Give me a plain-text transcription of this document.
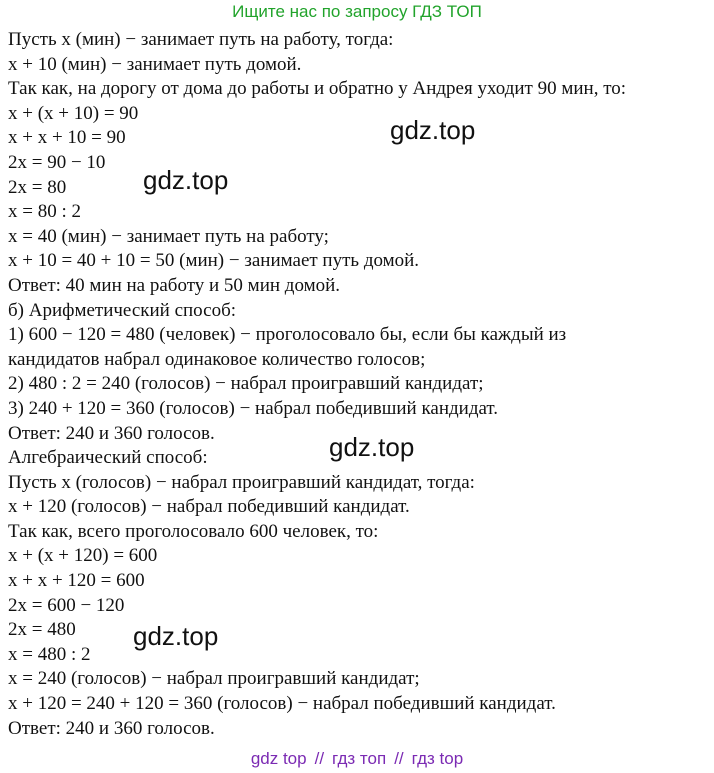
Ищите нас по запросу ГДЗ ТОП
Пусть x (мин) − занимает путь на работу, тогда:
x + 10 (мин) − занимает путь домой.
Так как, на дорогу от дома до работы и обратно у Андрея уходит 90 мин, то:
x + (x + 10) = 90
x + x + 10 = 90
2x = 90 − 10
2x = 80
x = 80 : 2
x = 40 (мин) − занимает путь на работу;
x + 10 = 40 + 10 = 50 (мин) − занимает путь домой.
Ответ: 40 мин на работу и 50 мин домой.
б) Арифметический способ:
1) 600 − 120 = 480 (человек) − проголосовало бы, если бы каждый из
кандидатов набрал одинаковое количество голосов;
2) 480 : 2 = 240 (голосов) − набрал проигравший кандидат;
3) 240 + 120 = 360 (голосов) − набрал победивший кандидат.
Ответ: 240 и 360 голосов.
Алгебраический способ:
Пусть x (голосов) − набрал проигравший кандидат, тогда:
x + 120 (голосов) − набрал победивший кандидат.
Так как, всего проголосовало 600 человек, то:
x + (x + 120) = 600
x + x + 120 = 600
2x = 600 − 120
2x = 480
x = 480 : 2
x = 240 (голосов) − набрал проигравший кандидат;
x + 120 = 240 + 120 = 360 (голосов) − набрал победивший кандидат.
Ответ: 240 и 360 голосов.
gdz.top
gdz.top
gdz.top
gdz.top
gdz top // гдз топ // гдз top
